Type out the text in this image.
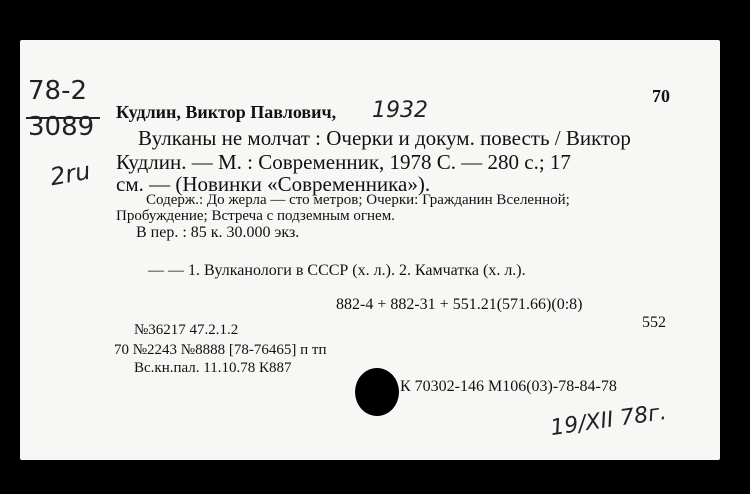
78-2
3089
2ru
70
Кудлин, Виктор Павлович, 1932
Вулканы не молчат : Очерки и докум. повесть / Виктор
Кудлин. — М. : Современник, 1978 С. — 280 с.; 17
см. — (Новинки «Современника»).
Содерж.: До жерла — сто метров; Очерки: Гражданин Вселенной;
Пробуждение; Встреча с подземным огнем.
В пер. : 85 к. 30.000 экз.
— — 1. Вулканологи в СССР (х. л.). 2. Камчатка (х. л.).
882-4 + 882-31 + 551.21(571.66)(0:8)
552
№36217 47.2.1.2
70 №2243 №8888 [78-76465] п тп
Вс.кн.пал. 11.10.78 К887
К 70302-146 М106(03)-78-84-78
19/XII 78г.
